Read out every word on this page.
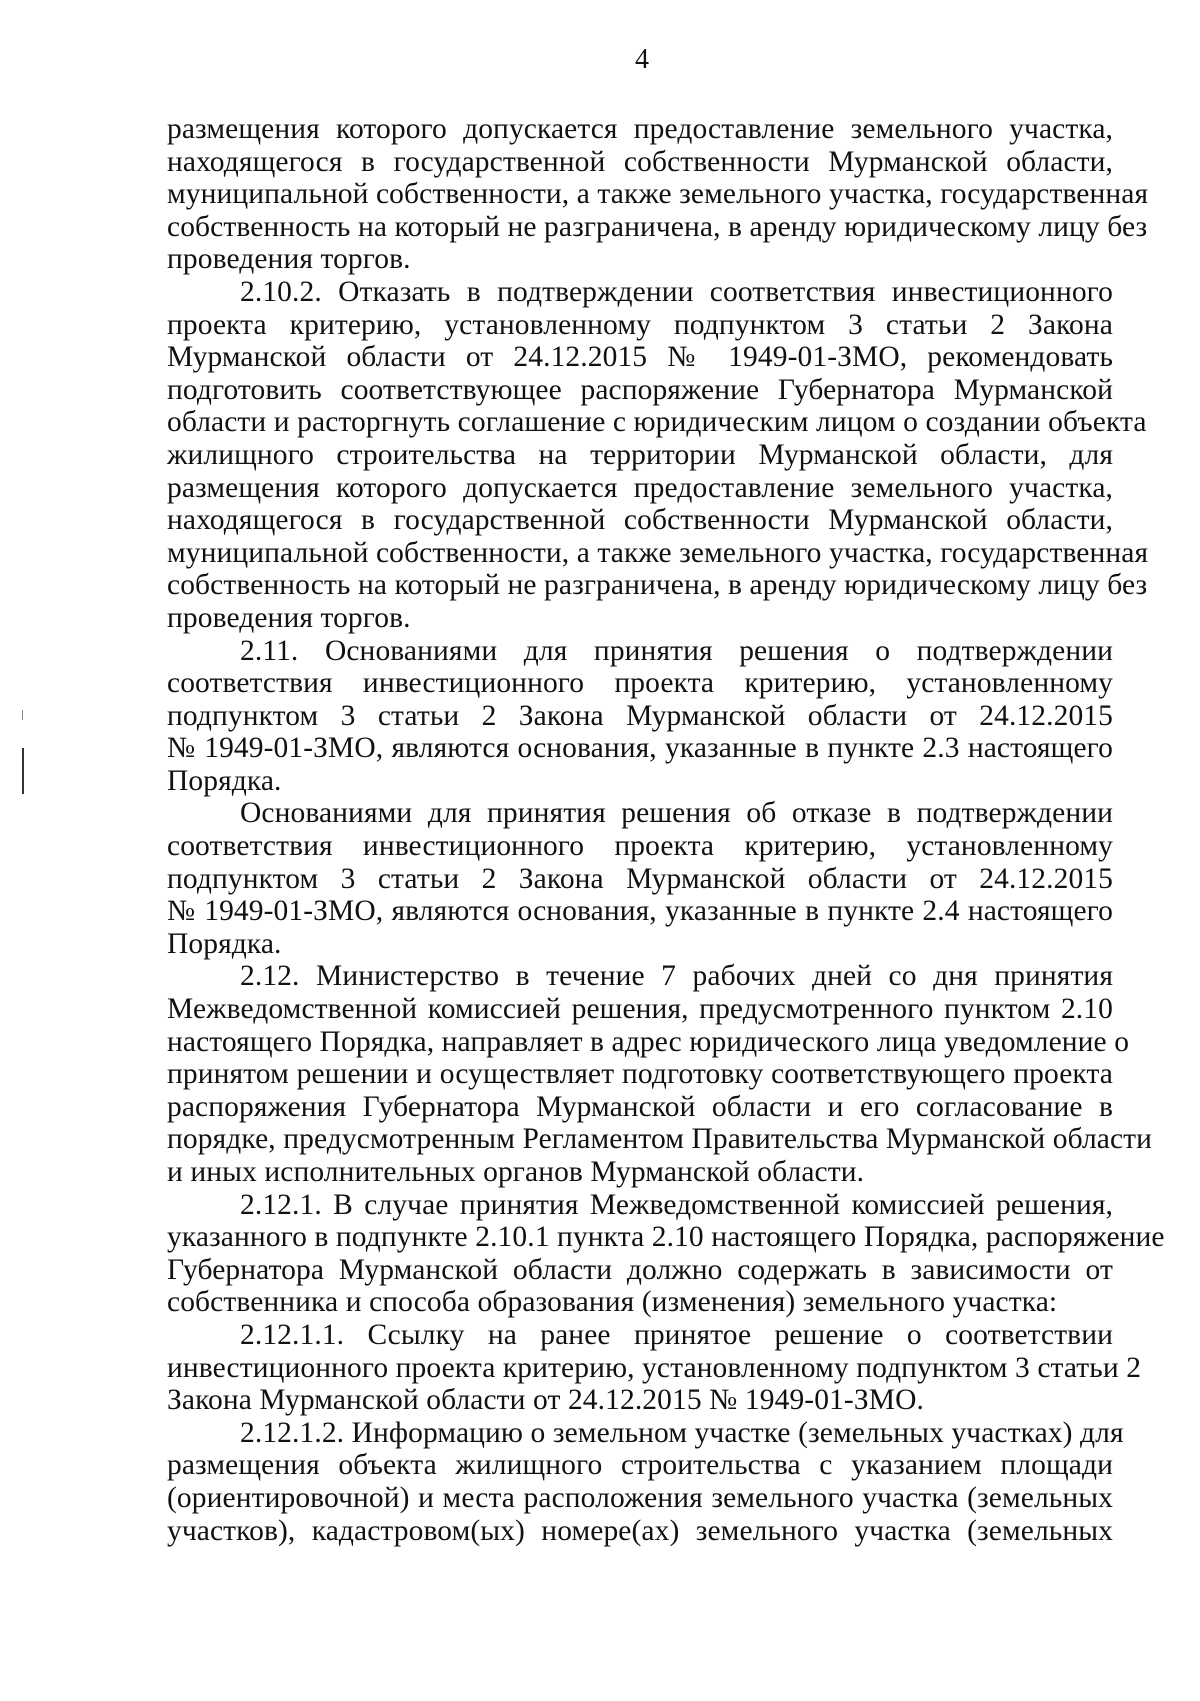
4
размещения которого допускается предоставление земельного участка,
находящегося в государственной собственности Мурманской области,
муниципальной собственности, а также земельного участка, государственная
собственность на который не разграничена, в аренду юридическому лицу без
проведения торгов.
2.10.2. Отказать в подтверждении соответствия инвестиционного
проекта критерию, установленному подпунктом 3 статьи 2 Закона
Мурманской области от 24.12.2015 № 1949-01-ЗМО, рекомендовать
подготовить соответствующее распоряжение Губернатора Мурманской
области и расторгнуть соглашение с юридическим лицом о создании объекта
жилищного строительства на территории Мурманской области, для
размещения которого допускается предоставление земельного участка,
находящегося в государственной собственности Мурманской области,
муниципальной собственности, а также земельного участка, государственная
собственность на который не разграничена, в аренду юридическому лицу без
проведения торгов.
2.11. Основаниями для принятия решения о подтверждении
соответствия инвестиционного проекта критерию, установленному
подпунктом 3 статьи 2 Закона Мурманской области от 24.12.2015
№ 1949-01-ЗМО, являются основания, указанные в пункте 2.3 настоящего
Порядка.
Основаниями для принятия решения об отказе в подтверждении
соответствия инвестиционного проекта критерию, установленному
подпунктом 3 статьи 2 Закона Мурманской области от 24.12.2015
№ 1949-01-ЗМО, являются основания, указанные в пункте 2.4 настоящего
Порядка.
2.12. Министерство в течение 7 рабочих дней со дня принятия
Межведомственной комиссией решения, предусмотренного пунктом 2.10
настоящего Порядка, направляет в адрес юридического лица уведомление о
принятом решении и осуществляет подготовку соответствующего проекта
распоряжения Губернатора Мурманской области и его согласование в
порядке, предусмотренным Регламентом Правительства Мурманской области
и иных исполнительных органов Мурманской области.
2.12.1. В случае принятия Межведомственной комиссией решения,
указанного в подпункте 2.10.1 пункта 2.10 настоящего Порядка, распоряжение
Губернатора Мурманской области должно содержать в зависимости от
собственника и способа образования (изменения) земельного участка:
2.12.1.1. Ссылку на ранее принятое решение о соответствии
инвестиционного проекта критерию, установленному подпунктом 3 статьи 2
Закона Мурманской области от 24.12.2015 № 1949-01-ЗМО.
2.12.1.2. Информацию о земельном участке (земельных участках) для
размещения объекта жилищного строительства с указанием площади
(ориентировочной) и места расположения земельного участка (земельных
участков), кадастровом(ых) номере(ах) земельного участка (земельных
